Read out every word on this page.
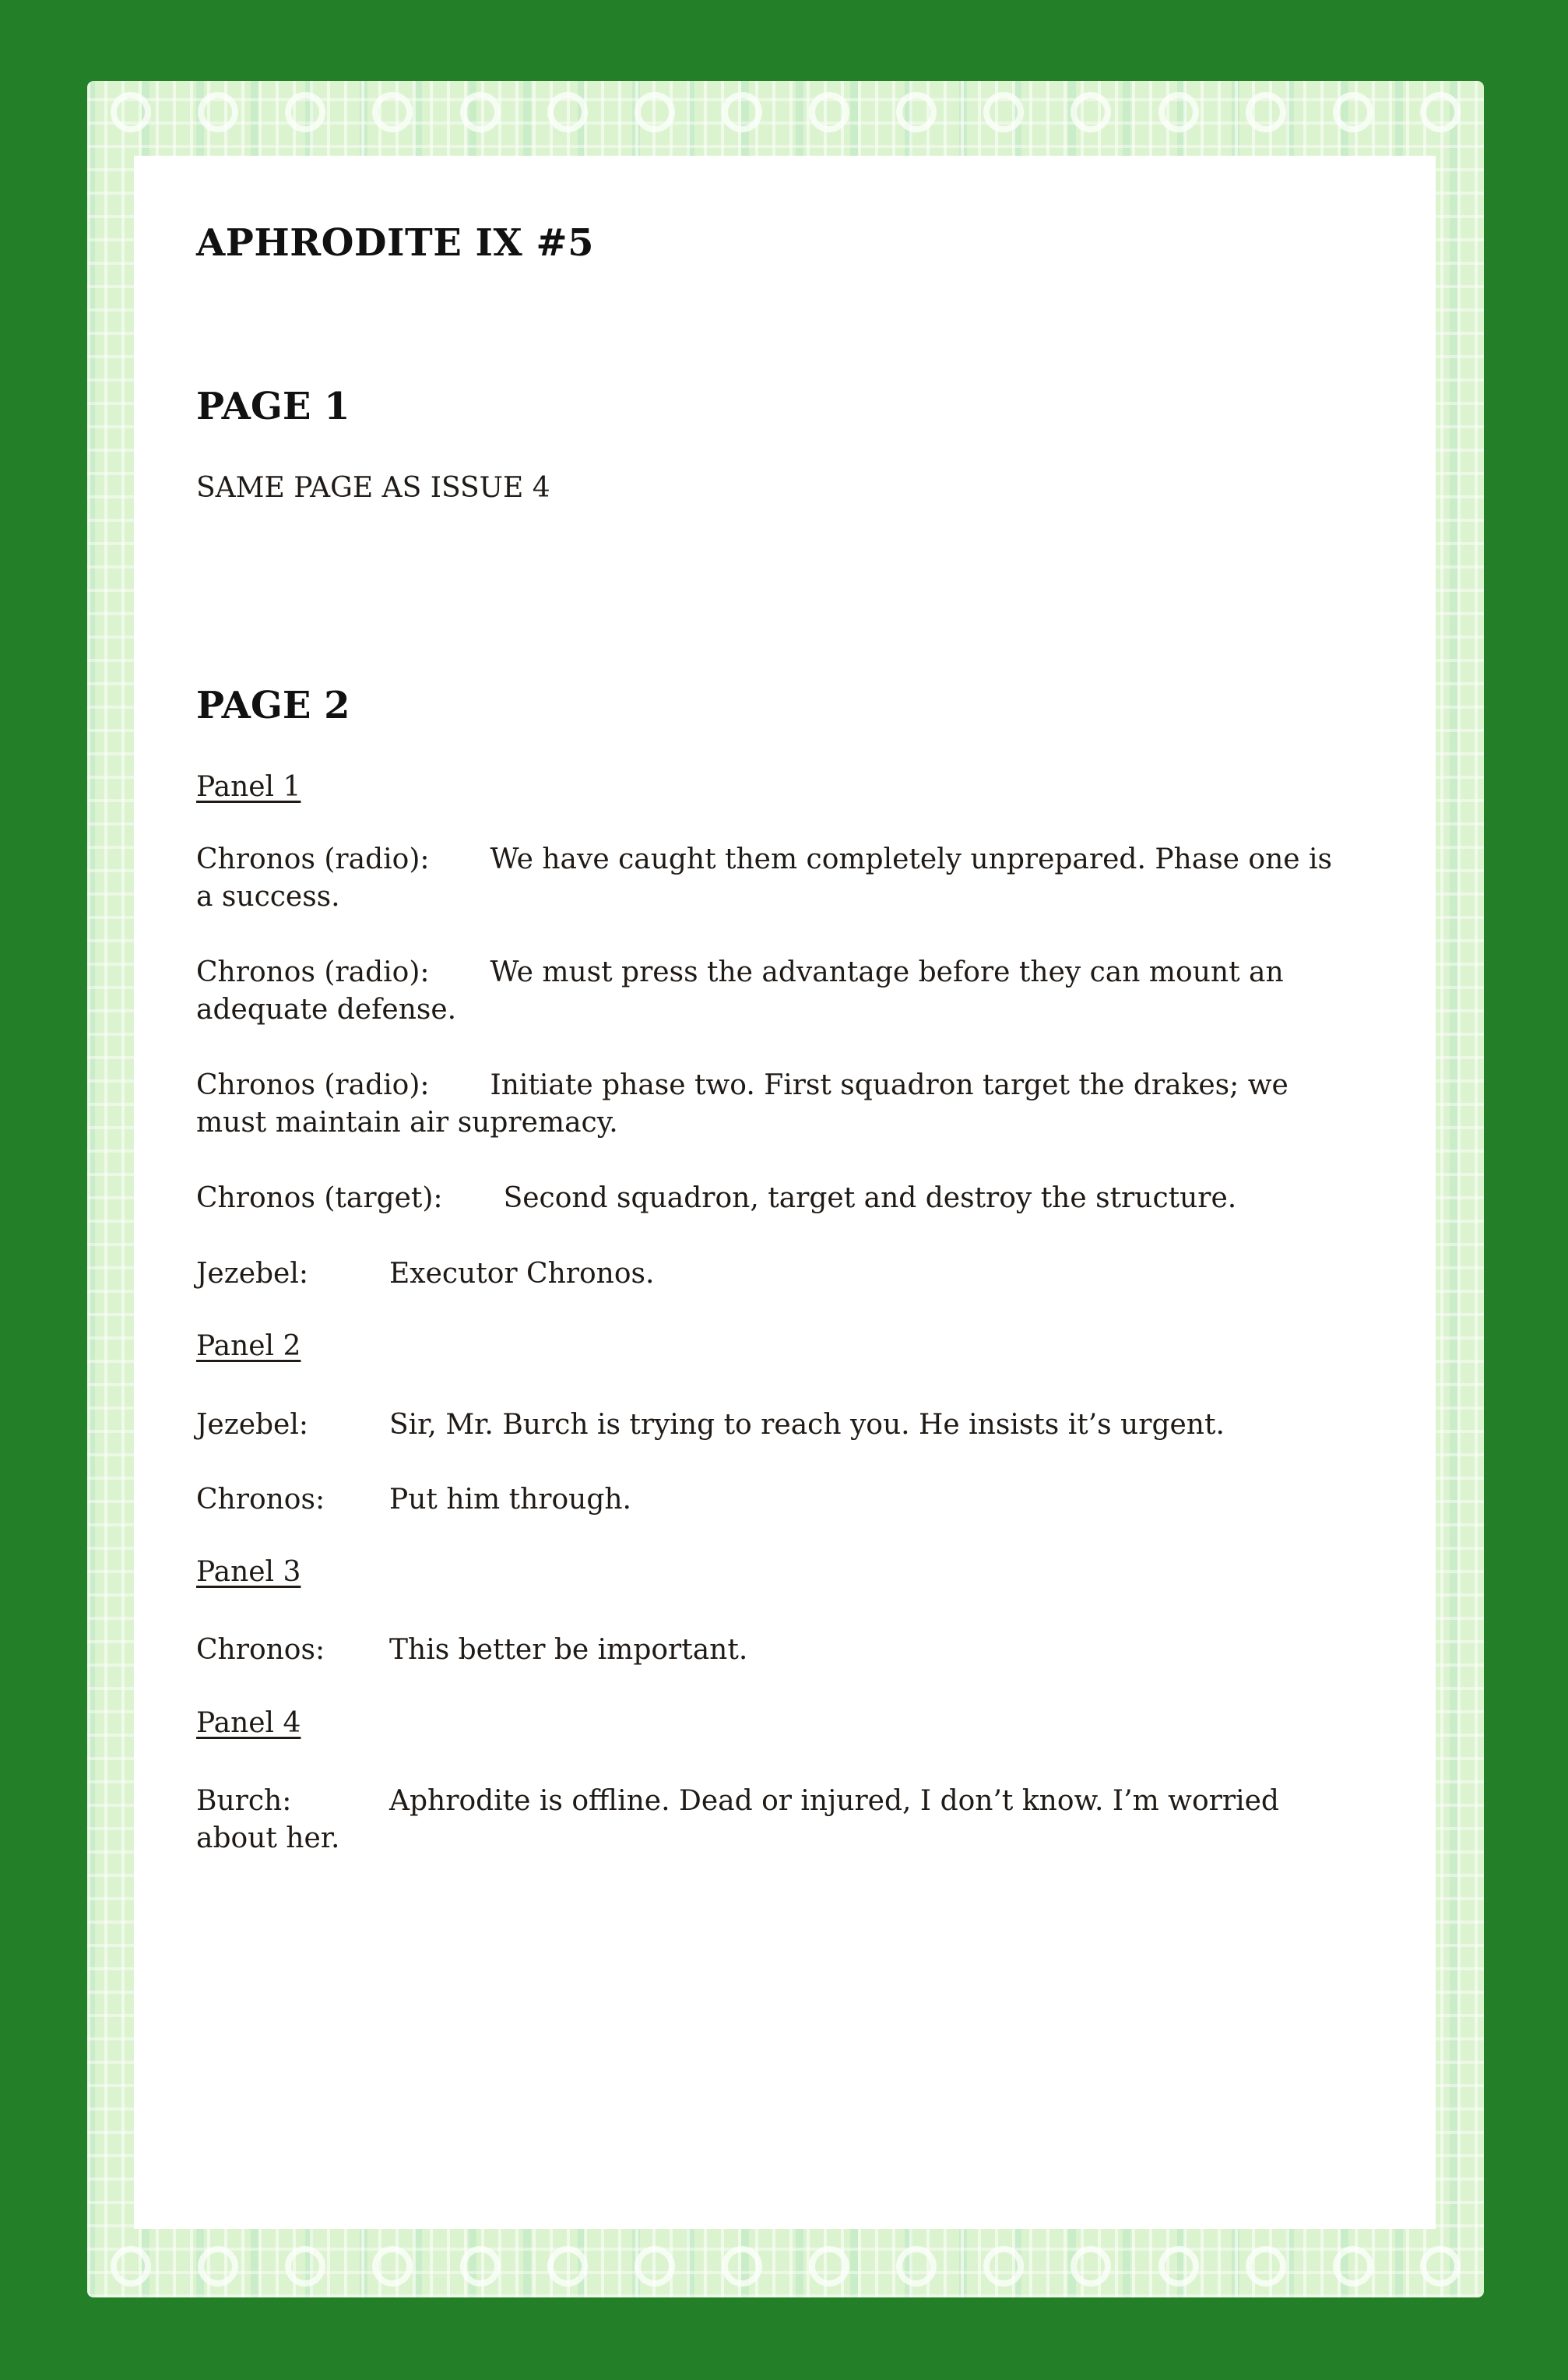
APHRODITE IX #5
PAGE 1

SAME PAGE AS ISSUE 4

PAGE 2

Panel 1

Chronos (radio): We have caught them completely unprepared. Phase one is a success.

Chronos (radio): We must press the advantage before they can mount an adequate defense.

Chronos (radio): Initiate phase two. First squadron target the drakes; we must maintain air supremacy.

Chronos (target): Second squadron, target and destroy the structure.

Jezebel:	Executor Chronos.

Panel 2

Jezebel:	Sir, Mr. Burch is trying to reach you. He insists it’s urgent.

Chronos: Put him through.

Panel 3

Chronos: This better be important.

Panel 4

Burch:	Aphrodite is offline. Dead or injured, I don’t know. I’m worried about her.
